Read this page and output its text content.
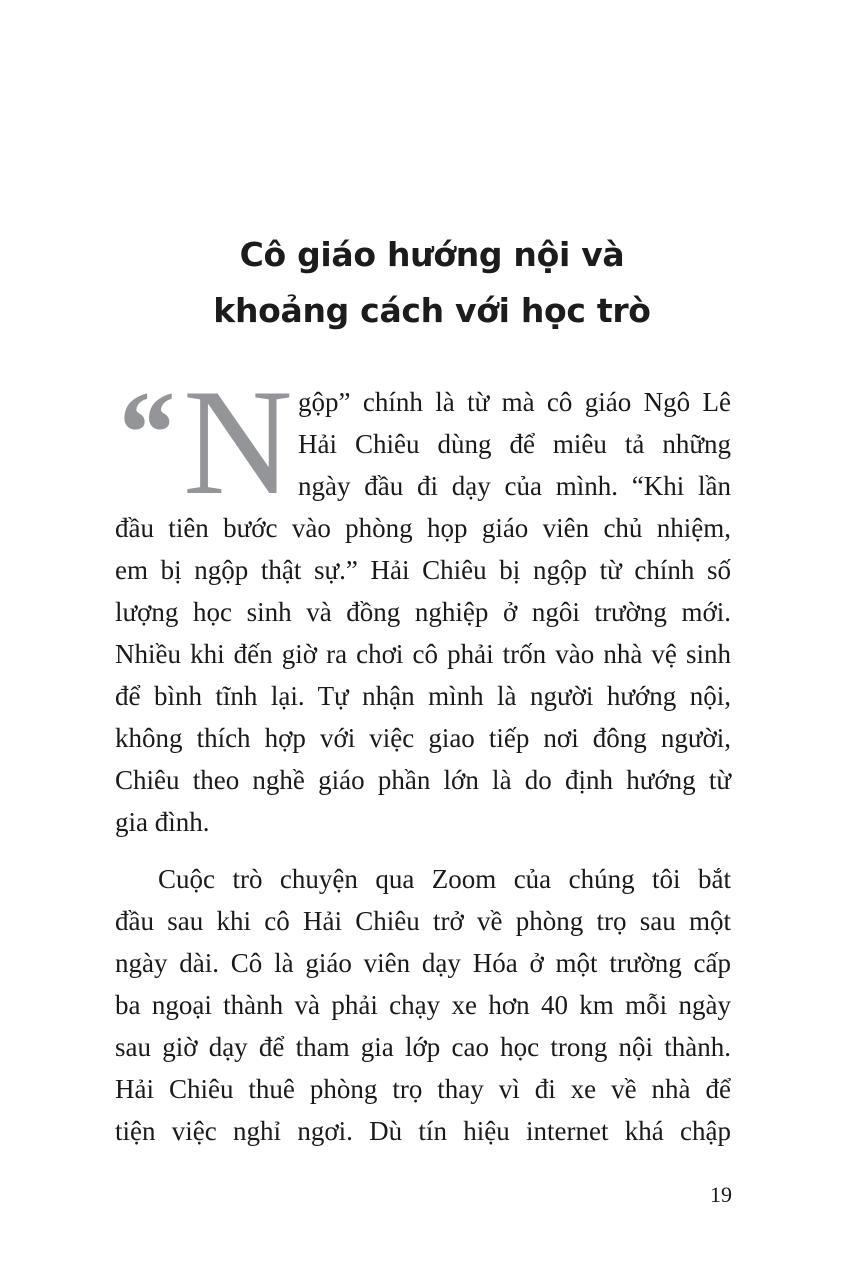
Cô giáo hướng nội và
khoảng cách với học trò
“ N gộp” chính là từ mà cô giáo Ngô Lê
Hải Chiêu dùng để miêu tả những
ngày đầu đi dạy của mình. “Khi lần
đầu tiên bước vào phòng họp giáo viên chủ nhiệm,
em bị ngộp thật sự.” Hải Chiêu bị ngộp từ chính số
lượng học sinh và đồng nghiệp ở ngôi trường mới.
Nhiều khi đến giờ ra chơi cô phải trốn vào nhà vệ sinh
để bình tĩnh lại. Tự nhận mình là người hướng nội,
không thích hợp với việc giao tiếp nơi đông người,
Chiêu theo nghề giáo phần lớn là do định hướng từ
gia đình.
Cuộc trò chuyện qua Zoom của chúng tôi bắt
đầu sau khi cô Hải Chiêu trở về phòng trọ sau một
ngày dài. Cô là giáo viên dạy Hóa ở một trường cấp
ba ngoại thành và phải chạy xe hơn 40 km mỗi ngày
sau giờ dạy để tham gia lớp cao học trong nội thành.
Hải Chiêu thuê phòng trọ thay vì đi xe về nhà để
tiện việc nghỉ ngơi. Dù tín hiệu internet khá chập
19
